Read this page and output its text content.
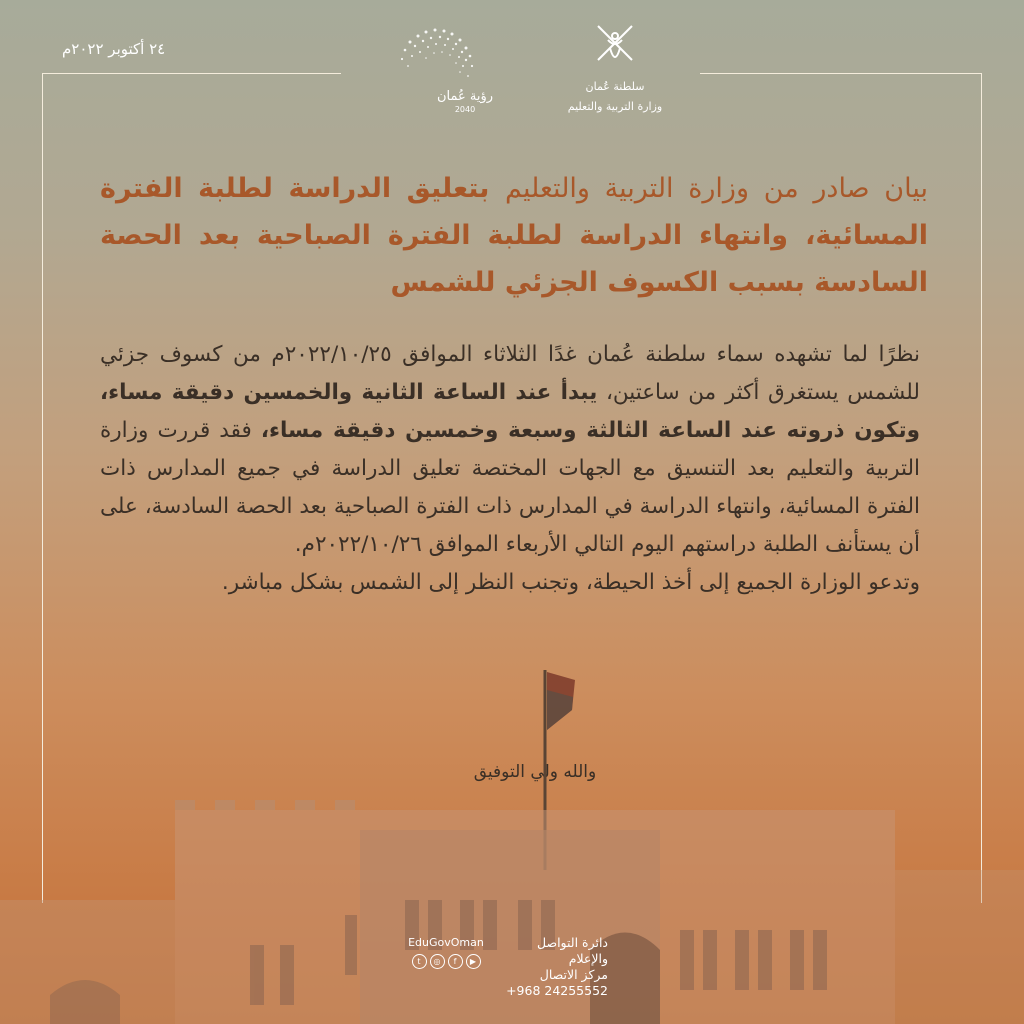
٢٤ أكتوبر ٢٠٢٢م
رؤية عُمان
2040
سلطنة عُمان
وزارة التربية والتعليم
بيان صادر من وزارة التربية والتعليم بتعليق الدراسة لطلبة الفترة المسائية، وانتهاء الدراسة لطلبة الفترة الصباحية بعد الحصة السادسة بسبب الكسوف الجزئي للشمس

نظرًا لما تشهده سماء سلطنة عُمان غدًا الثلاثاء الموافق ٢٠٢٢/١٠/٢٥م من كسوف جزئي للشمس يستغرق أكثر من ساعتين، يبدأ عند الساعة الثانية والخمسين دقيقة مساء، وتكون ذروته عند الساعة الثالثة وسبعة وخمسين دقيقة مساء، فقد قررت وزارة التربية والتعليم بعد التنسيق مع الجهات المختصة تعليق الدراسة في جميع المدارس ذات الفترة المسائية، وانتهاء الدراسة في المدارس ذات الفترة الصباحية بعد الحصة السادسة، على أن يستأنف الطلبة دراستهم اليوم التالي الأربعاء الموافق ٢٠٢٢/١٠/٢٦م.

وتدعو الوزارة الجميع إلى أخذ الحيطة، وتجنب النظر إلى الشمس بشكل مباشر.

والله ولي التوفيق
دائرة التواصل والإعلام
مركز الاتصال
+968 24255552
EduGovOman
t	◎	f	▶
